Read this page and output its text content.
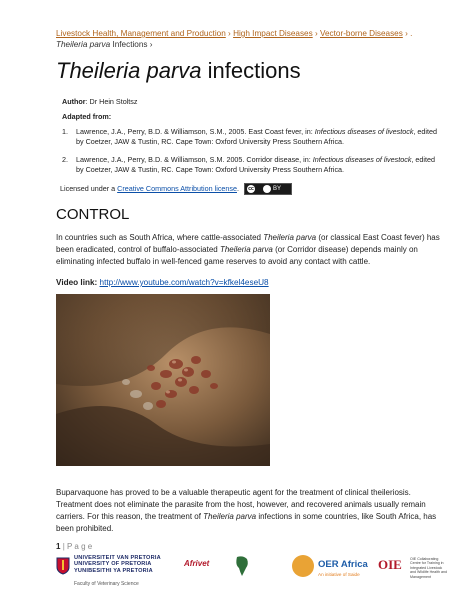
Livestock Health, Management and Production › High Impact Diseases › Vector-borne Diseases › .
Theileria parva Infections ›
Theileria parva infections
Author: Dr Hein Stoltsz
Adapted from:
1. Lawrence, J.A., Perry, B.D. & Williamson, S.M., 2005. East Coast fever, in: Infectious diseases of livestock, edited by Coetzer, JAW & Tustin, RC. Cape Town: Oxford University Press Southern Africa.
2. Lawrence, J.A., Perry, B.D. & Williamson, S.M. 2005. Corridor disease, in: Infectious diseases of livestock, edited by Coetzer, JAW & Tustin, RC. Cape Town: Oxford University Press Southern Africa.
Licensed under a Creative Commons Attribution license. cc	BY
CONTROL
In countries such as South Africa, where cattle-associated Theileria parva (or classical East Coast fever) has been eradicated, control of buffalo-associated Theileria parva (or Corridor disease) depends mainly on eliminating infected buffalo in well-fenced game reserves to avoid any contact with cattle.
Video link: http://www.youtube.com/watch?v=kfkel4eseU8
Buparvaquone has proved to be a valuable therapeutic agent for the treatment of clinical theileriosis. Treatment does not eliminate the parasite from the host, however, and recovered animals usually remain carriers. For this reason, the treatment of Theileria parva infections in some countries, like South Africa, has been prohibited.
1 | P a g e
UNIVERSITEIT VAN PRETORIA
UNIVERSITY OF PRETORIA
YUNIBESITHI YA PRETORIA
Faculty of Veterinary Science
Afrivet	OER Africa
An initiative of Saide
OIE OIE Collaborating Centre for Training in Integrated Livestock and Wildlife Health and Management
